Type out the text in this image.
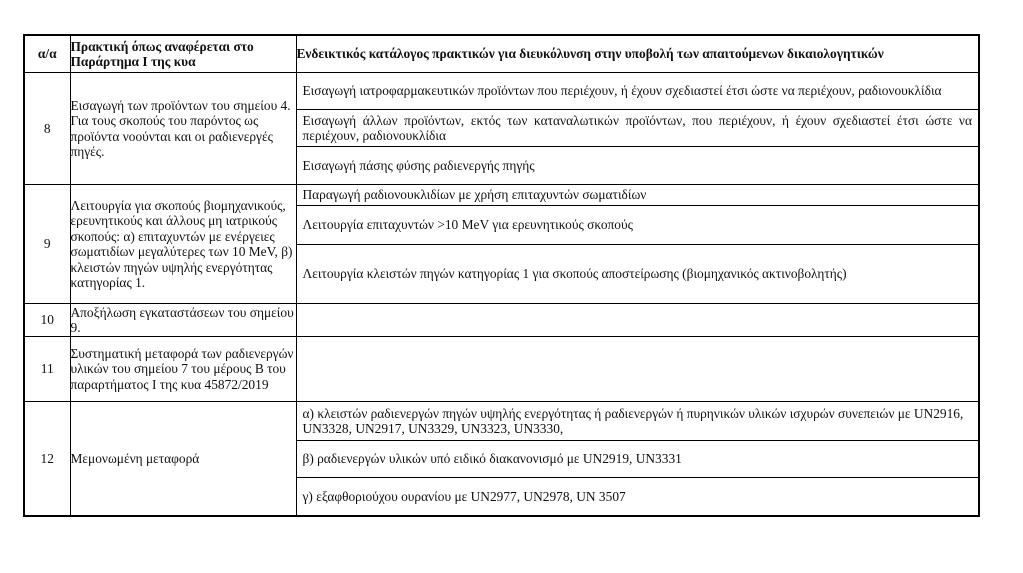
α/α	Πρακτική όπως αναφέρεται στο Παράρτημα Ι της κυα	Ενδεικτικός κατάλογος πρακτικών για διευκόλυνση στην υποβολή των απαιτούμενων δικαιολογητικών
8	Εισαγωγή των προϊόντων του σημείου 4. Για τους σκοπούς του παρόντος ως προϊόντα νοούνται και οι ραδιενεργές πηγές.	Εισαγωγή ιατροφαρμακευτικών προϊόντων που περιέχουν, ή έχουν σχεδιαστεί έτσι ώστε να περιέχουν, ραδιονουκλίδια
Εισαγωγή άλλων προϊόντων, εκτός των καταναλωτικών προϊόντων, που περιέχουν, ή έχουν σχεδιαστεί έτσι ώστε να περιέχουν, ραδιονουκλίδια
Εισαγωγή πάσης φύσης ραδιενεργής πηγής

9	Λειτουργία για σκοπούς βιομηχανικούς, ερευνητικούς και άλλους μη ιατρικούς σκοπούς: α) επιταχυντών με ενέργειες σωματιδίων μεγαλύτερες των 10 MeV, β) κλειστών πηγών υψηλής ενεργότητας κατηγορίας 1.	Παραγωγή ραδιονουκλιδίων με χρήση επιταχυντών σωματιδίων
Λειτουργία επιταχυντών >10 MeV για ερευνητικούς σκοπούς
Λειτουργία κλειστών πηγών κατηγορίας 1 για σκοπούς αποστείρωσης (βιομηχανικός ακτινοβολητής)

10	Αποξήλωση εγκαταστάσεων του σημείου 9.	
11	Συστηματική μεταφορά των ραδιενεργών υλικών του σημείου 7 του μέρους Β του παραρτήματος Ι της κυα 45872/2019	
12	Μεμονωμένη μεταφορά	α) κλειστών ραδιενεργών πηγών υψηλής ενεργότητας ή ραδιενεργών ή πυρηνικών υλικών ισχυρών συνεπειών με UN2916, UN3328, UN2917, UN3329, UN3323, UN3330,
β) ραδιενεργών υλικών υπό ειδικό διακανονισμό με UN2919, UN3331
γ) εξαφθοριούχου ουρανίου με UN2977, UN2978, UN 3507
